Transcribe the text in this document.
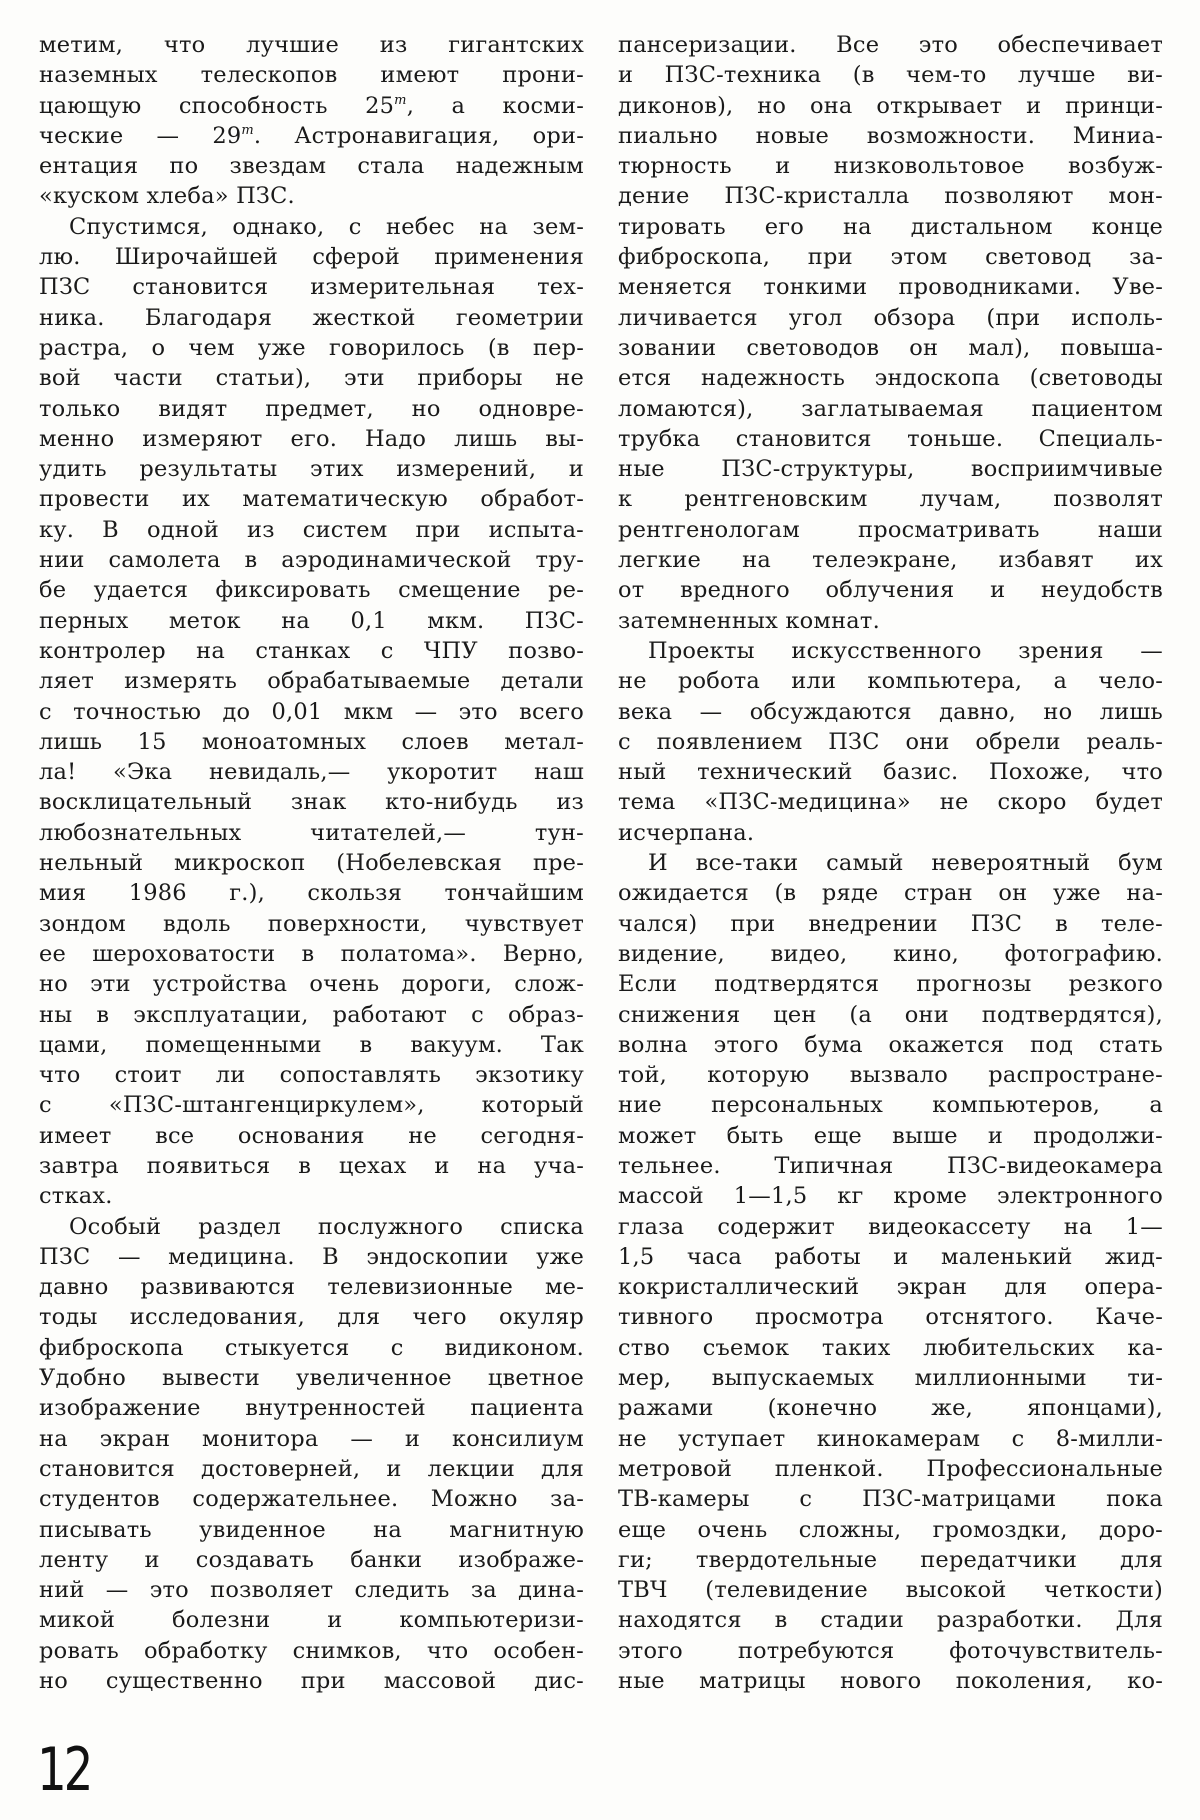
метим, что лучшие из гигантских
наземных телескопов имеют прони-
цающую способность 25$^m$, а косми-
ческие — 29$^m$. Астронавигация, ори-
ентация по звездам стала надежным
«куском хлеба» ПЗС.
Спустимся, однако, с небес на зем-
лю. Широчайшей сферой применения
ПЗС становится измерительная тех-
ника. Благодаря жесткой геометрии
растра, о чем уже говорилось (в пер-
вой части статьи), эти приборы не
только видят предмет, но одновре-
менно измеряют его. Надо лишь вы-
удить результаты этих измерений, и
провести их математическую обработ-
ку. В одной из систем при испыта-
нии самолета в аэродинамической тру-
бе удается фиксировать смещение ре-
перных меток на 0,1 мкм. ПЗС-
контролер на станках с ЧПУ позво-
ляет измерять обрабатываемые детали
с точностью до 0,01 мкм — это всего
лишь 15 моноатомных слоев метал-
ла! «Эка невидаль,— укоротит наш
восклицательный знак кто-нибудь из
любознательных читателей,— тун-
нельный микроскоп (Нобелевская пре-
мия 1986 г.), скользя тончайшим
зондом вдоль поверхности, чувствует
ее шероховатости в полатома». Верно,
но эти устройства очень дороги, слож-
ны в эксплуатации, работают с образ-
цами, помещенными в вакуум. Так
что стоит ли сопоставлять экзотику
с «ПЗС-штангенциркулем», который
имеет все основания не сегодня-
завтра появиться в цехах и на уча-
стках.
Особый раздел послужного списка
ПЗС — медицина. В эндоскопии уже
давно развиваются телевизионные ме-
тоды исследования, для чего окуляр
фиброскопа стыкуется с видиконом.
Удобно вывести увеличенное цветное
изображение внутренностей пациента
на экран монитора — и консилиум
становится достоверней, и лекции для
студентов содержательнее. Можно за-
писывать увиденное на магнитную
ленту и создавать банки изображе-
ний — это позволяет следить за дина-
микой болезни и компьютеризи-
ровать обработку снимков, что особен-
но существенно при массовой дис-
пансеризации. Все это обеспечивает
и ПЗС-техника (в чем-то лучше ви-
диконов), но она открывает и принци-
пиально новые возможности. Миниа-
тюрность и низковольтовое возбуж-
дение ПЗС-кристалла позволяют мон-
тировать его на дистальном конце
фиброскопа, при этом световод за-
меняется тонкими проводниками. Уве-
личивается угол обзора (при исполь-
зовании световодов он мал), повыша-
ется надежность эндоскопа (световоды
ломаются), заглатываемая пациентом
трубка становится тоньше. Специаль-
ные ПЗС-структуры, восприимчивые
к рентгеновским лучам, позволят
рентгенологам просматривать наши
легкие на телеэкране, избавят их
от вредного облучения и неудобств
затемненных комнат.
Проекты искусственного зрения —
не робота или компьютера, а чело-
века — обсуждаются давно, но лишь
с появлением ПЗС они обрели реаль-
ный технический базис. Похоже, что
тема «ПЗС-медицина» не скоро будет
исчерпана.
И все-таки самый невероятный бум
ожидается (в ряде стран он уже на-
чался) при внедрении ПЗС в теле-
видение, видео, кино, фотографию.
Если подтвердятся прогнозы резкого
снижения цен (а они подтвердятся),
волна этого бума окажется под стать
той, которую вызвало распростране-
ние персональных компьютеров, а
может быть еще выше и продолжи-
тельнее. Типичная ПЗС-видеокамера
массой 1—1,5 кг кроме электронного
глаза содержит видеокассету на 1—
1,5 часа работы и маленький жид-
кокристаллический экран для опера-
тивного просмотра отснятого. Каче-
ство съемок таких любительских ка-
мер, выпускаемых миллионными ти-
ражами (конечно же, японцами),
не уступает кинокамерам с 8-милли-
метровой пленкой. Профессиональные
ТВ-камеры с ПЗС-матрицами пока
еще очень сложны, громоздки, доро-
ги; твердотельные передатчики для
ТВЧ (телевидение высокой четкости)
находятся в стадии разработки. Для
этого потребуются фоточувствитель-
ные матрицы нового поколения, ко-
12
